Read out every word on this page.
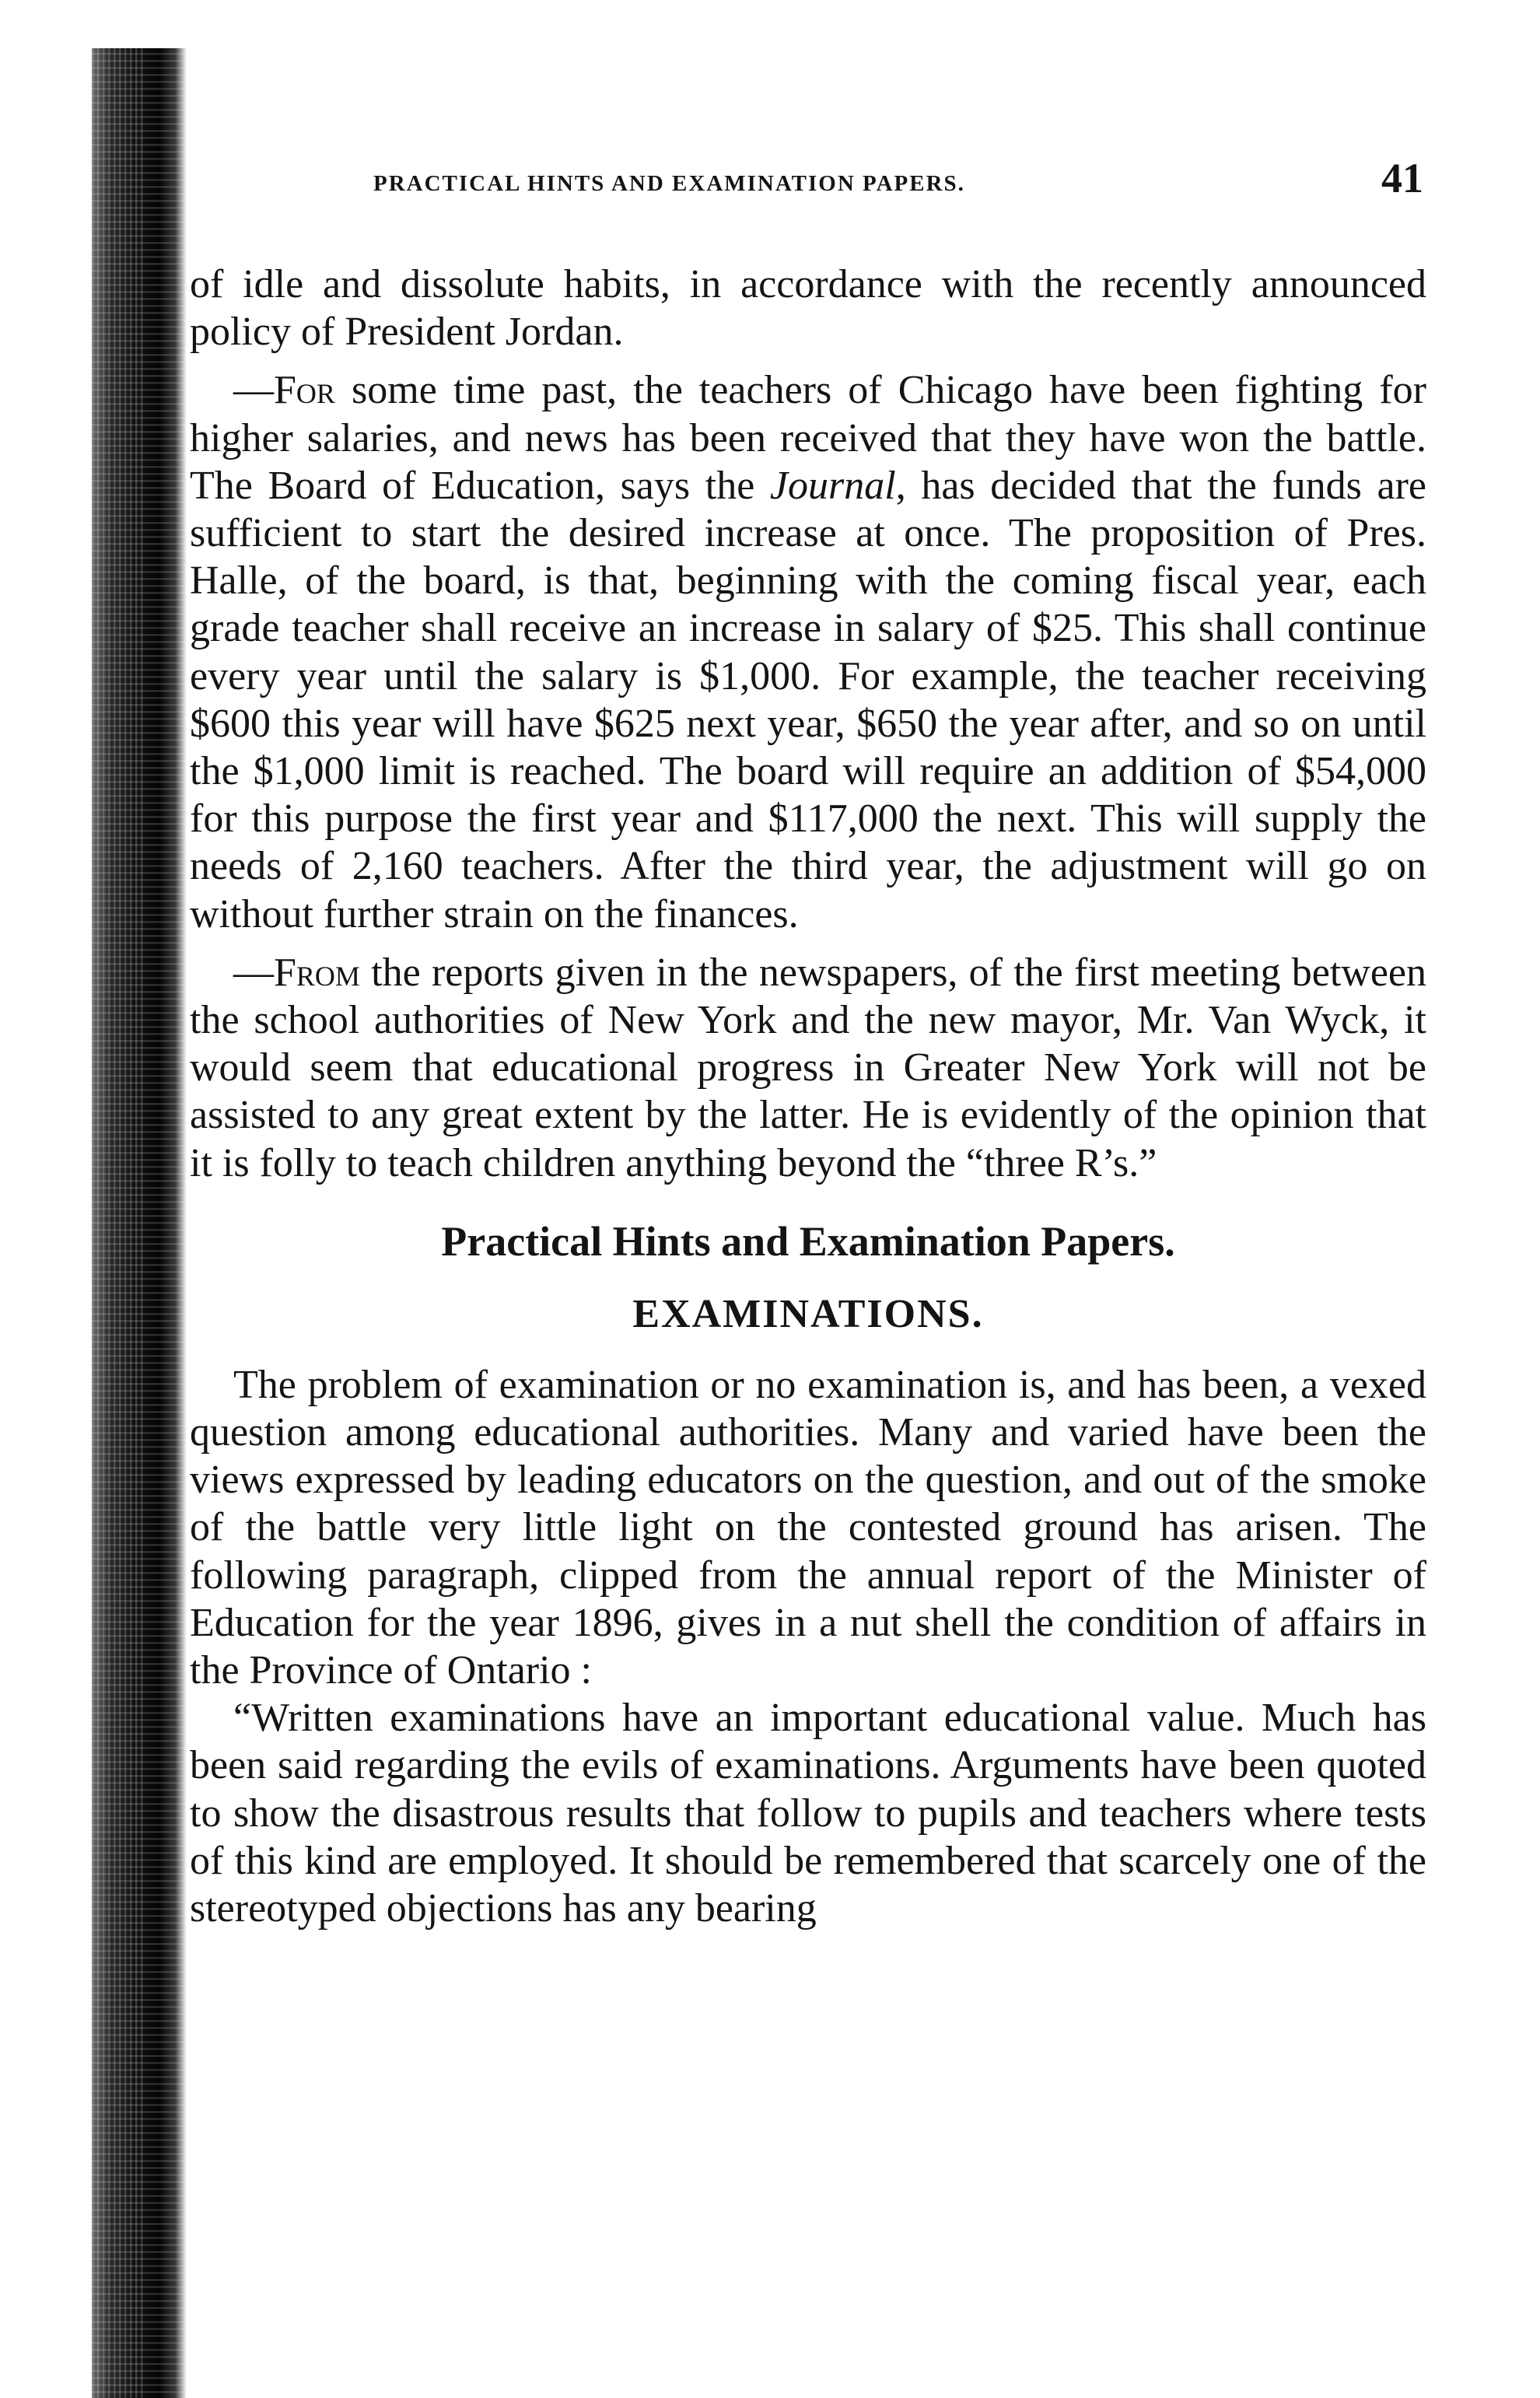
PRACTICAL HINTS AND EXAMINATION PAPERS.	41

of idle and dissolute habits, in accordance with the recently announced policy of President Jordan.

—For some time past, the teachers of Chicago have been fighting for higher salaries, and news has been received that they have won the battle. The Board of Education, says the Journal, has decided that the funds are sufficient to start the desired increase at once. The proposition of Pres. Halle, of the board, is that, beginning with the coming fiscal year, each grade teacher shall receive an increase in salary of $25. This shall continue every year until the salary is $1,000. For example, the teacher receiving $600 this year will have $625 next year, $650 the year after, and so on until the $1,000 limit is reached. The board will require an addition of $54,000 for this purpose the first year and $117,000 the next. This will supply the needs of 2,160 teachers. After the third year, the adjustment will go on without further strain on the finances.

—From the reports given in the newspapers, of the first meeting between the school authorities of New York and the new mayor, Mr. Van Wyck, it would seem that educational progress in Greater New York will not be assisted to any great extent by the latter. He is evidently of the opinion that it is folly to teach children anything beyond the “three R’s.”

Practical Hints and Examination Papers.
EXAMINATIONS.

The problem of examination or no examination is, and has been, a vexed question among educational authorities. Many and varied have been the views expressed by leading educators on the question, and out of the smoke of the battle very little light on the contested ground has arisen. The following paragraph, clipped from the annual report of the Minister of Education for the year 1896, gives in a nut shell the condition of affairs in the Province of Ontario :

“Written examinations have an important educational value. Much has been said regarding the evils of examinations. Arguments have been quoted to show the disastrous results that follow to pupils and teachers where tests of this kind are employed. It should be remembered that scarcely one of the stereotyped objections has any bearing
